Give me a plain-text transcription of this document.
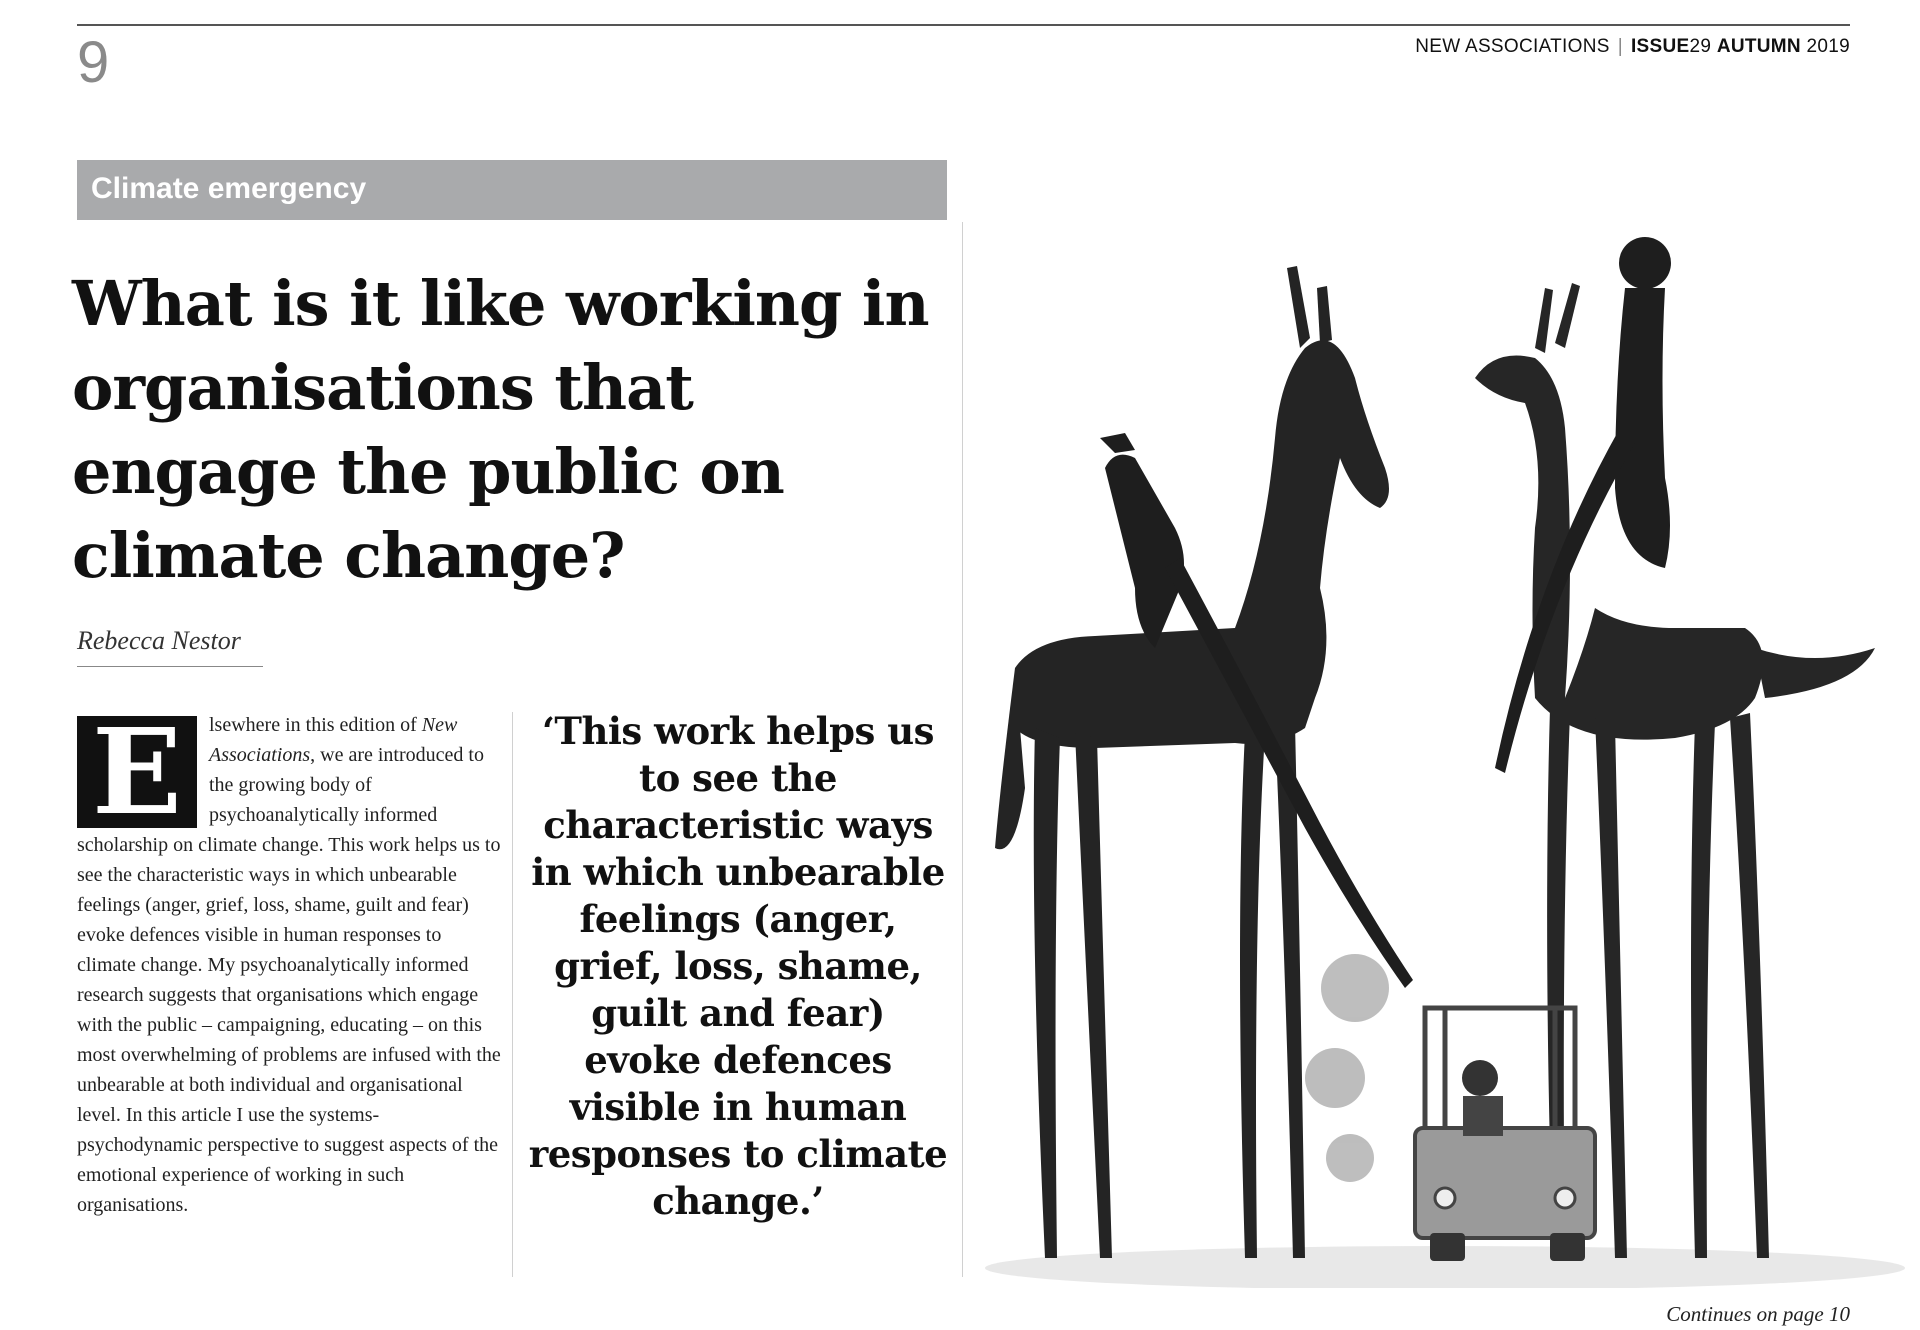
9	NEW ASSOCIATIONS | ISSUE29 AUTUMN 2019
Climate emergency
What is it like working in organisations that engage the public on climate change?
Rebecca Nestor
E	lsewhere in this edition of New Associations, we are introduced to the growing body of psychoanalytically informed scholarship on climate change. This work helps us to see the characteristic ways in which unbearable feelings (anger, grief, loss, shame, guilt and fear) evoke defences visible in human responses to climate change. My psychoanalytically informed research suggests that organisations which engage with the public – campaigning, educating – on this most overwhelming of problems are infused with the unbearable at both individual and organisational level. In this article I use the systems-psychodynamic perspective to suggest aspects of the emotional experience of working in such organisations.
‘This work helps us to see the characteristic ways in which unbearable feelings (anger, grief, loss, shame, guilt and fear) evoke defences visible in human responses to climate change.’
Continues on page 10
